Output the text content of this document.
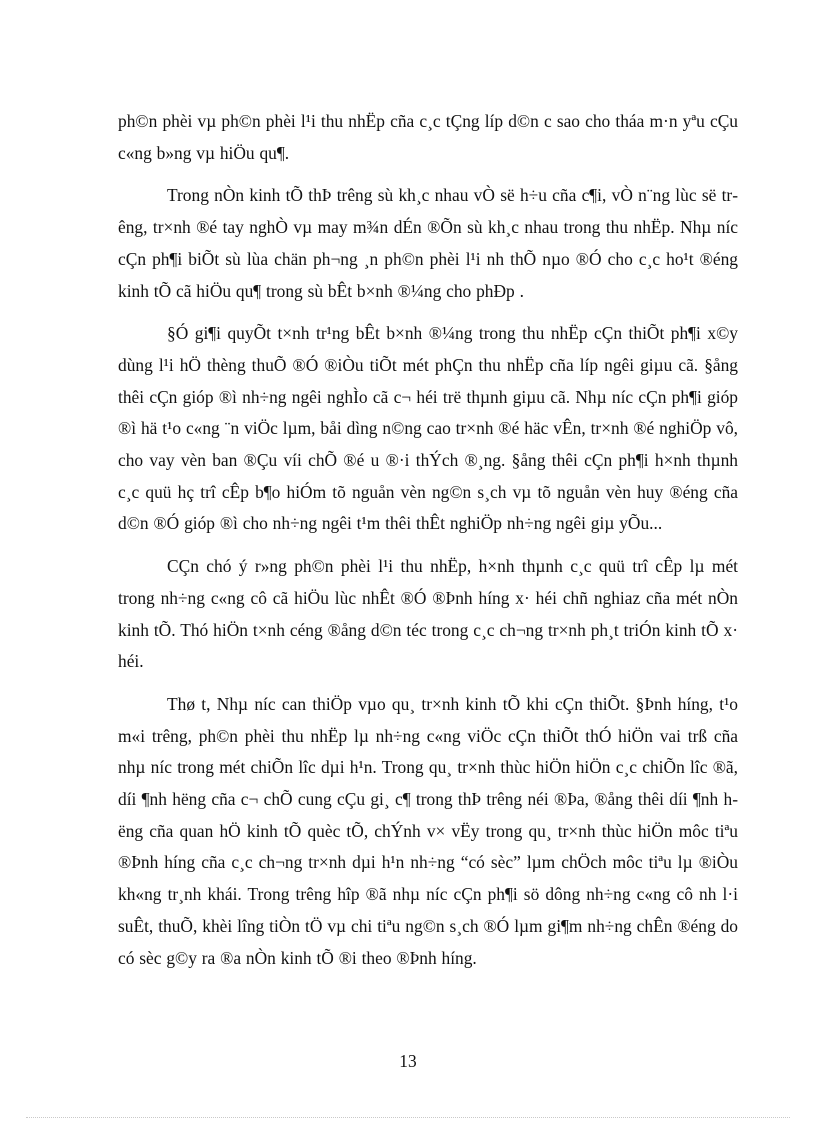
ph©n phèi vµ ph©n phèi l¹i thu nhËp cña c¸c tÇng líp d©n c sao cho tháa m·n yªu cÇu c«ng b»ng vµ hiÖu qu¶.

Trong nÒn kinh tÕ thÞ trêng sù kh¸c nhau vÒ së h÷u cña c¶i, vÒ n¨ng lùc së trêng, tr×nh ®é tay nghÒ vµ may m¾n dÉn ®Õn sù kh¸c nhau trong thu nhËp. Nhµ níc cÇn ph¶i biÕt sù lùa chän ph¬ng ¸n ph©n phèi l¹i nh thÕ nµo ®Ó cho c¸c ho¹t ®éng kinh tÕ cã hiÖu qu¶ trong sù bÊt b×nh ®¼ng cho phÐp .

§Ó gi¶i quyÕt t×nh tr¹ng bÊt b×nh ®¼ng trong thu nhËp cÇn thiÕt ph¶i x©y dùng l¹i hÖ thèng thuÕ ®Ó ®iÒu tiÕt mét phÇn thu nhËp cña líp ngêi giµu cã. §ång thêi cÇn gióp ®ì nh÷ng ngêi nghÌo cã c¬ héi trë thµnh giµu cã. Nhµ níc cÇn ph¶i gióp ®ì hä t¹o c«ng ¨n viÖc lµm, båi dìng n©ng cao tr×nh ®é häc vÊn, tr×nh ®é nghiÖp vô, cho vay vèn ban ®Çu víi chÕ ®é u ®·i thÝch ®¸ng. §ång thêi cÇn ph¶i h×nh thµnh c¸c quü hç trî cÊp b¶o hiÓm tõ nguån vèn ng©n s¸ch vµ tõ nguån vèn huy ®éng cña d©n ®Ó gióp ®ì cho nh÷ng ngêi t¹m thêi thÊt nghiÖp nh÷ng ngêi giµ yÕu...

CÇn chó ý r»ng ph©n phèi l¹i thu nhËp, h×nh thµnh c¸c quü trî cÊp lµ mét trong nh÷ng c«ng cô cã hiÖu lùc nhÊt ®Ó ®Þnh híng x· héi chñ nghiaz cña mét nÒn kinh tÕ. Thó hiÖn t×nh céng ®ång d©n téc trong c¸c ch¬ng tr×nh ph¸t triÓn kinh tÕ x· héi.

Thø t, Nhµ níc can thiÖp vµo qu¸ tr×nh kinh tÕ khi cÇn thiÕt. §Þnh híng, t¹o m«i trêng, ph©n phèi thu nhËp lµ nh÷ng c«ng viÖc cÇn thiÕt thÓ hiÖn vai trß cña nhµ níc trong mét chiÕn lîc dµi h¹n. Trong qu¸ tr×nh thùc hiÖn hiÖn c¸c chiÕn lîc ®ã, díi ¶nh hëng cña c¬ chÕ cung cÇu gi¸ c¶ trong thÞ trêng néi ®Þa, ®ång thêi díi ¶nh hëng cña quan hÖ kinh tÕ quèc tÕ, chÝnh v× vËy trong qu¸ tr×nh thùc hiÖn môc tiªu ®Þnh híng cña c¸c ch¬ng tr×nh dµi h¹n nh÷ng “có sèc” lµm chÖch môc tiªu lµ ®iÒu kh«ng tr¸nh khái. Trong trêng hîp ®ã nhµ níc cÇn ph¶i sö dông nh÷ng c«ng cô nh l·i suÊt, thuÕ, khèi lîng tiÒn tÖ vµ chi tiªu ng©n s¸ch ®Ó lµm gi¶m nh÷ng chÊn ®éng do có sèc g©y ra ®a nÒn kinh tÕ ®i theo ®Þnh híng.

13
